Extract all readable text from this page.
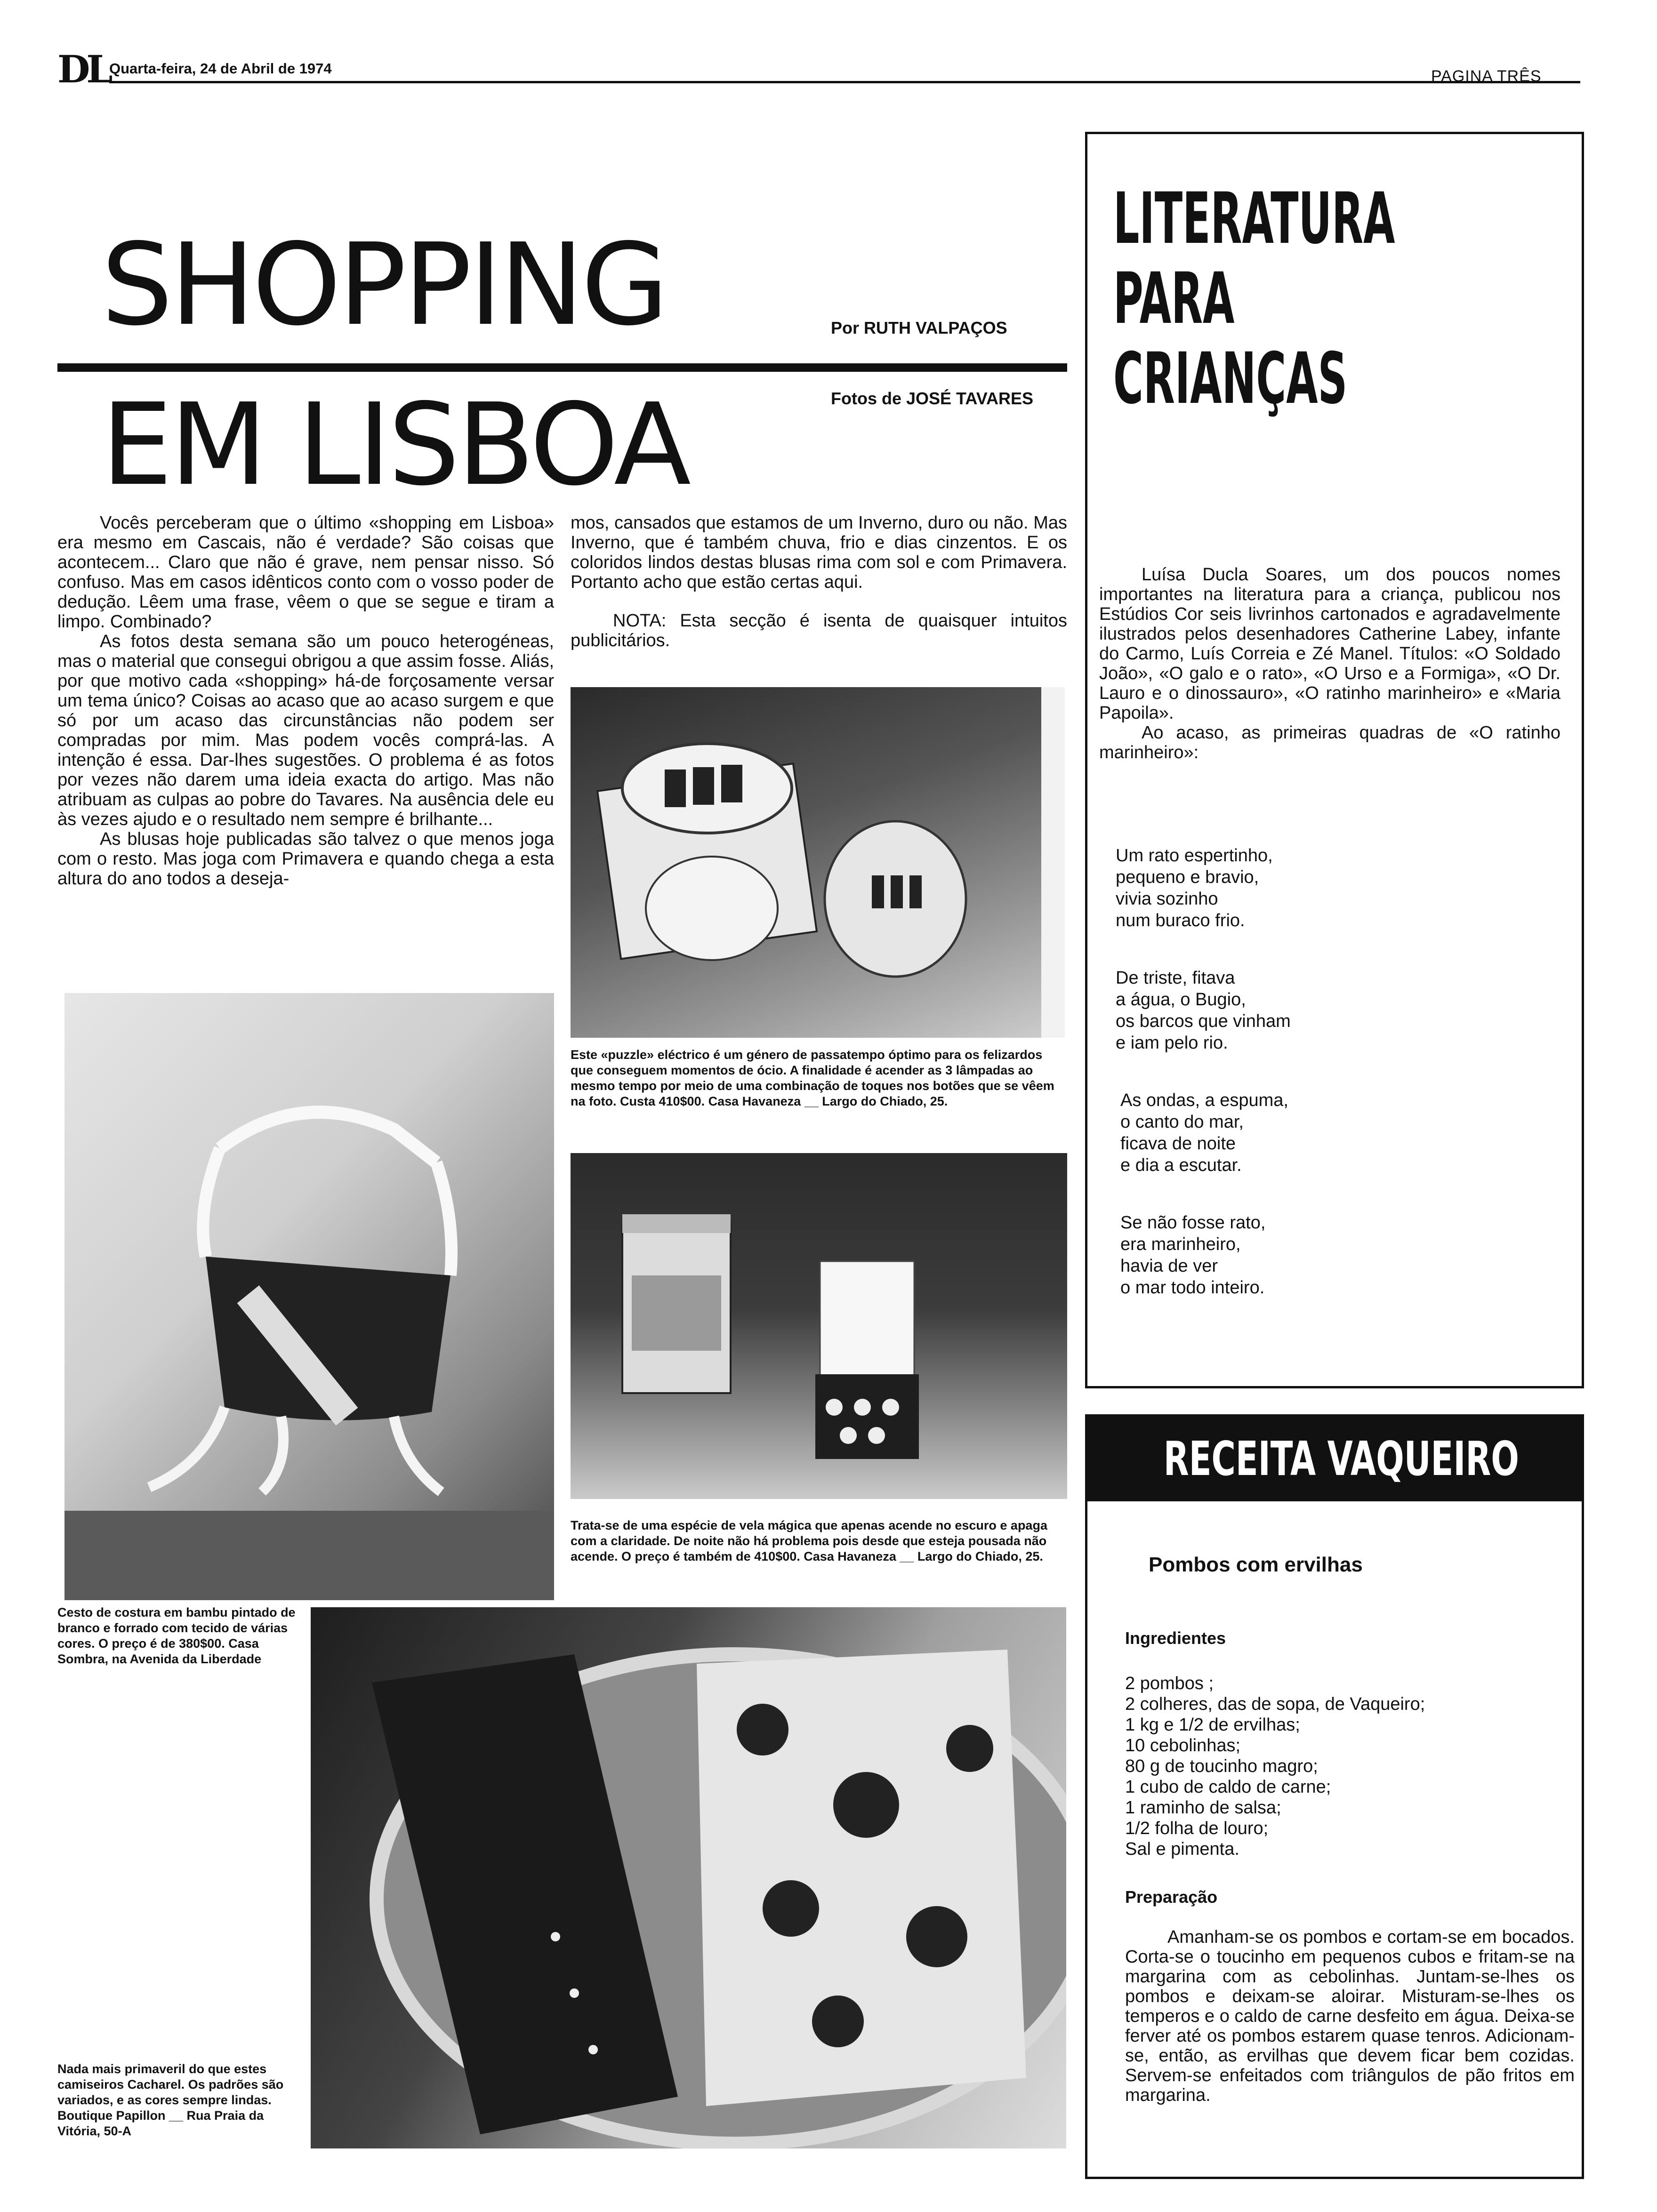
DL Quarta-feira, 24 de Abril de 1974	PAGINA TRÊS
SHOPPING
EM LISBOA
Por RUTH VALPAÇOS
Fotos de JOSÉ TAVARES

Vocês perceberam que o último «shopping em Lisboa» era mesmo em Cascais, não é verdade? São coisas que acontecem... Claro que não é grave, nem pensar nisso. Só confuso. Mas em casos idênticos conto com o vosso poder de dedução. Lêem uma frase, vêem o que se segue e tiram a limpo. Combinado?

As fotos desta semana são um pouco heterogéneas, mas o material que consegui obrigou a que assim fosse. Aliás, por que motivo cada «shopping» há-de forçosamente versar um tema único? Coisas ao acaso que ao acaso surgem e que só por um acaso das circunstâncias não podem ser compradas por mim. Mas podem vocês comprá-las. A intenção é essa. Dar-lhes sugestões. O problema é as fotos por vezes não darem uma ideia exacta do artigo. Mas não atribuam as culpas ao pobre do Tavares. Na ausência dele eu às vezes ajudo e o resultado nem sempre é brilhante...

As blusas hoje publicadas são talvez o que menos joga com o resto. Mas joga com Primavera e quando chega a esta altura do ano todos a deseja-

mos, cansados que estamos de um Inverno, duro ou não. Mas Inverno, que é também chuva, frio e dias cinzentos. E os coloridos lindos destas blusas rima com sol e com Primavera. Portanto acho que estão certas aqui.

NOTA: Esta secção é isenta de quaisquer intuitos publicitários.

Este «puzzle» eléctrico é um género de passatempo óptimo para os felizardos que conseguem momentos de ócio. A finalidade é acender as 3 lâmpadas ao mesmo tempo por meio de uma combinação de toques nos botões que se vêem na foto. Custa 410$00. Casa Havaneza __ Largo do Chiado, 25.
Trata-se de uma espécie de vela mágica que apenas acende no escuro e apaga com a claridade. De noite não há problema pois desde que esteja pousada não acende. O preço é também de 410$00. Casa Havaneza __ Largo do Chiado, 25.
Cesto de costura em bambu pintado de branco e forrado com tecido de várias cores. O preço é de 380$00. Casa Sombra, na Avenida da Liberdade
Nada mais primaveril do que estes camiseiros Cacharel. Os padrões são variados, e as cores sempre lindas. Boutique Papillon __ Rua Praia da Vitória, 50-A
LITERATURA
PARA
CRIANÇAS

Luísa Ducla Soares, um dos poucos nomes importantes na literatura para a criança, publicou nos Estúdios Cor seis livrinhos cartonados e agradavelmente ilustrados pelos desenhadores Catherine Labey, infante do Carmo, Luís Correia e Zé Manel. Títulos: «O Soldado João», «O galo e o rato», «O Urso e a Formiga», «O Dr. Lauro e o dinossauro», «O ratinho marinheiro» e «Maria Papoila».

Ao acaso, as primeiras quadras de «O ratinho marinheiro»:

Um rato espertinho,
pequeno e bravio,
vivia sozinho
num buraco frio.
De triste, fitava
a água, o Bugio,
os barcos que vinham
e iam pelo rio.
As ondas, a espuma,
o canto do mar,
ficava de noite
e dia a escutar.
Se não fosse rato,
era marinheiro,
havia de ver
o mar todo inteiro.
RECEITA VAQUEIRO
Pombos com ervilhas
Ingredientes
2 pombos ;
2 colheres, das de sopa, de Vaqueiro;
1 kg e 1/2 de ervilhas;
10 cebolinhas;
80 g de toucinho magro;
1 cubo de caldo de carne;
1 raminho de salsa;
1/2 folha de louro;
Sal e pimenta.
Preparação

Amanham-se os pombos e cortam-se em bocados. Corta-se o toucinho em pequenos cubos e fritam-se na margarina com as cebolinhas. Juntam-se-lhes os pombos e deixam-se aloirar. Misturam-se-lhes os temperos e o caldo de carne desfeito em água. Deixa-se ferver até os pombos estarem quase tenros. Adicionam-se, então, as ervilhas que devem ficar bem cozidas. Servem-se enfeitados com triângulos de pão fritos em margarina.
